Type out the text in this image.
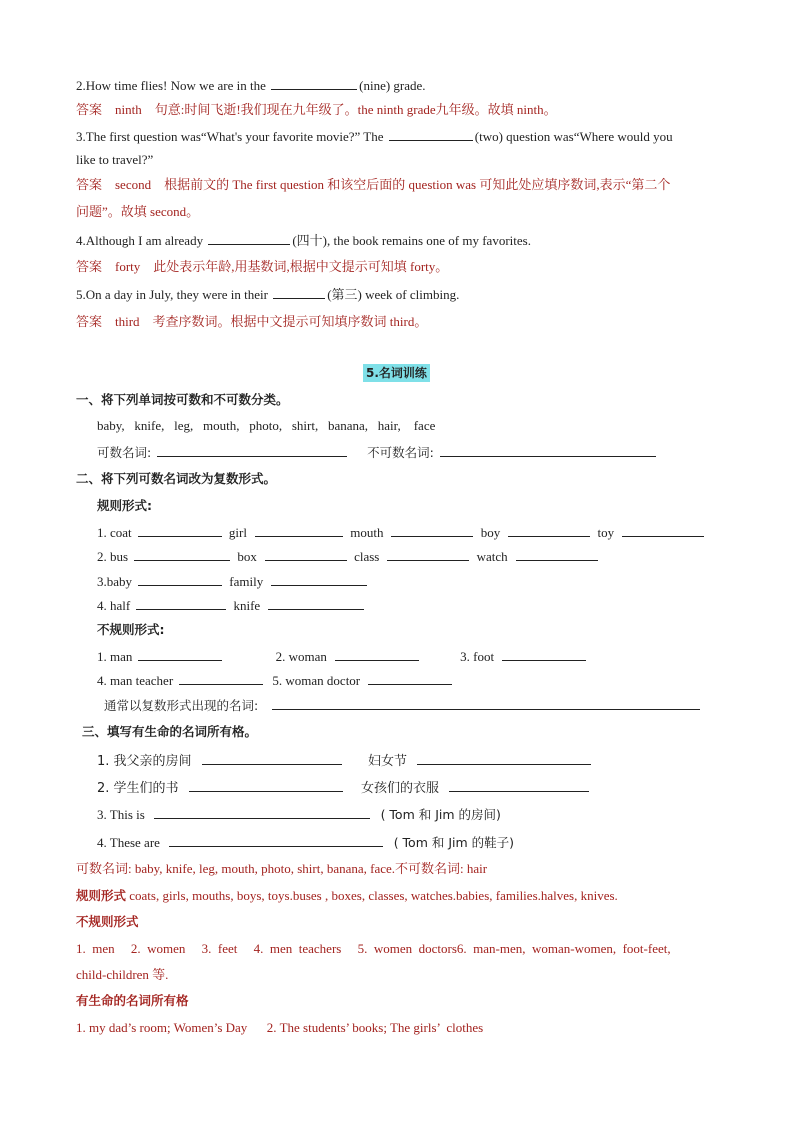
2.How time flies! Now we are in the	(nine) grade.
答案　ninth　句意:时间飞逝!我们现在九年级了。the ninth grade九年级。故填 ninth。
3.The first question was“What's your favorite movie?” The	(two) question was“Where would you
like to travel?”
答案　second　根据前文的 The first question 和该空后面的 question was 可知此处应填序数词,表示“第二个
问题”。故填 second。
4.Although I am already	(四十), the book remains one of my favorites.
答案　forty　此处表示年龄,用基数词,根据中文提示可知填 forty。
5.On a day in July, they were in their	(第三) week of climbing.
答案　third　考查序数词。根据中文提示可知填序数词 third。
5.名词训练
一、将下列单词按可数和不可数分类。
baby,   knife,   leg,   mouth,   photo,   shirt,   banana,   hair,    face
可数名词:	不可数名词:
二、将下列可数名词改为复数形式。
规则形式:
1. coat	girl	mouth	boy	toy
2. bus	box	class	watch
3.baby	family
4. half	knife
不规则形式:
1. man	2. woman	3. foot
4. man teacher	5. woman doctor
通常以复数形式出现的名词:
三、填写有生命的名词所有格。
1. 我父亲的房间	妇女节
2. 学生们的书	女孩们的衣服
3. This is	( Tom 和 Jim 的房间)
4. These are	( Tom 和 Jim 的鞋子)
可数名词: baby, knife, leg, mouth, photo, shirt, banana, face.不可数名词: hair
规则形式 coats, girls, mouths, boys, toys.buses , boxes, classes, watches.babies, families.halves, knives.
不规则形式
1.  men     2.  women     3.  feet     4.  men  teachers     5.  women  doctors6.  man-men,  woman-women,  foot-feet,
child-children 等.
有生命的名词所有格
1. my dad’s room; Women’s Day      2. The students’ books; The girls’  clothes
